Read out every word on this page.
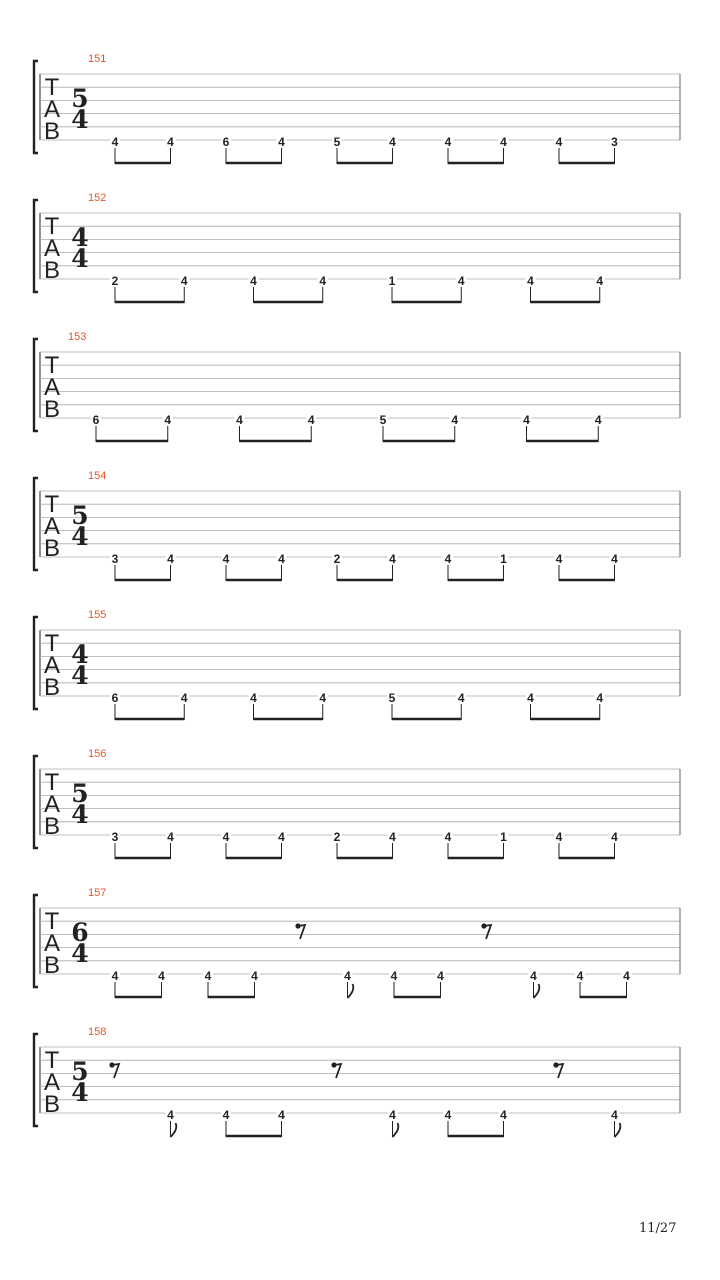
T
A
B
151
5
4
4	4	6	4	5	4	4	4	4	3
T
A
B
152
4
4
2	4	4	4	1	4	4	4
T
A
B
153
6	4	4	4	5	4	4	4
T
A
B
154
5
4
3	4	4	4	2	4	4	1	4	4
T
A
B
155
4
4
6	4	4	4	5	4	4	4
T
A
B
156
5
4
3	4	4	4	2	4	4	1	4	4
T
A
B
157
6
4
4	4	4	4	4	4	4	4	4	4
T
A
B
158
5
4
4	4	4	4	4	4	4
11/27
